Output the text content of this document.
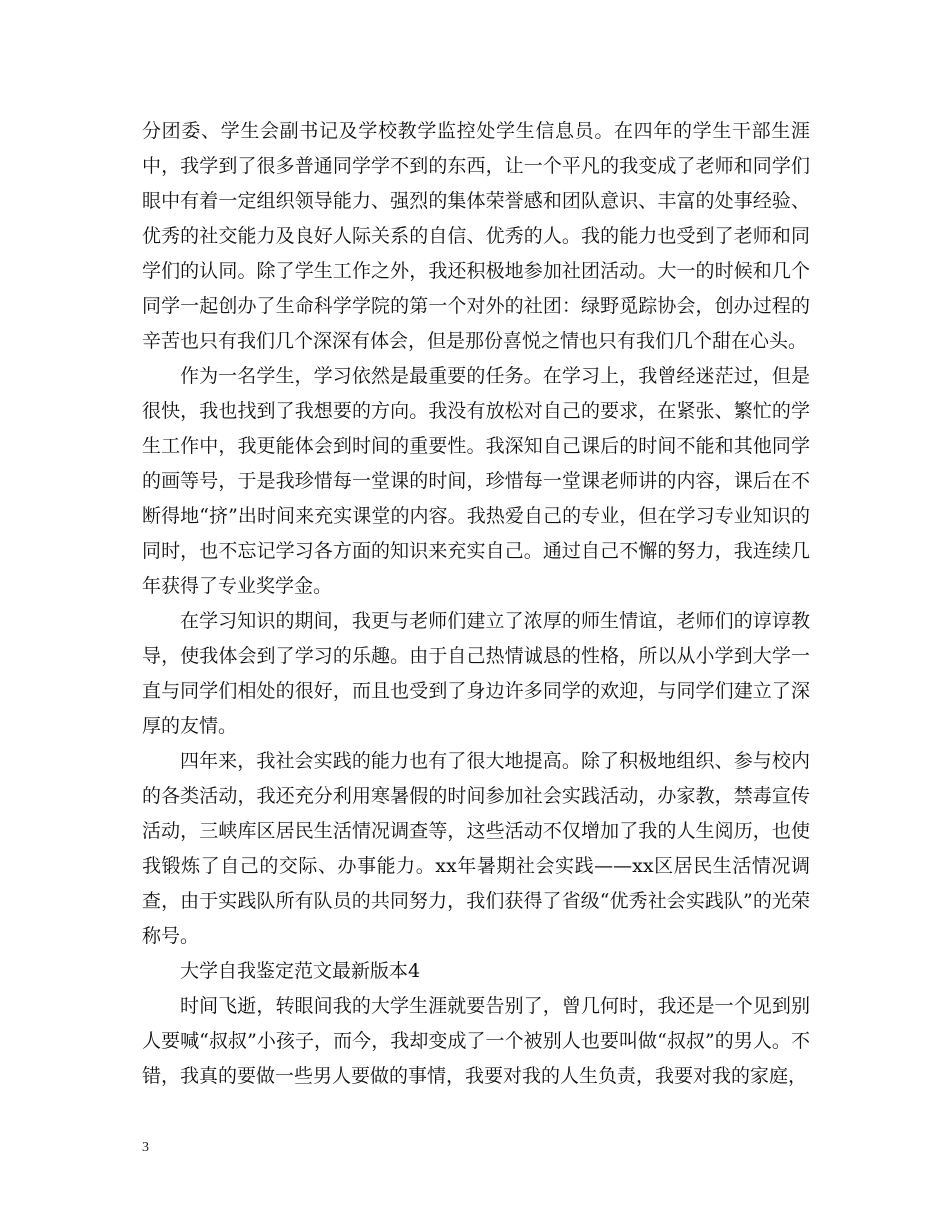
分团委、学生会副书记及学校教学监控处学生信息员。在四年的学生干部生涯中，我学到了很多普通同学学不到的东西，让一个平凡的我变成了老师和同学们眼中有着一定组织领导能力、强烈的集体荣誉感和团队意识、丰富的处事经验、优秀的社交能力及良好人际关系的自信、优秀的人。我的能力也受到了老师和同学们的认同。除了学生工作之外，我还积极地参加社团活动。大一的时候和几个同学一起创办了生命科学学院的第一个对外的社团：绿野觅踪协会，创办过程的辛苦也只有我们几个深深有体会，但是那份喜悦之情也只有我们几个甜在心头。

作为一名学生，学习依然是最重要的任务。在学习上，我曾经迷茫过，但是很快，我也找到了我想要的方向。我没有放松对自己的要求，在紧张、繁忙的学生工作中，我更能体会到时间的重要性。我深知自己课后的时间不能和其他同学的画等号，于是我珍惜每一堂课的时间，珍惜每一堂课老师讲的内容，课后在不断得地“挤”出时间来充实课堂的内容。我热爱自己的专业，但在学习专业知识的同时，也不忘记学习各方面的知识来充实自己。通过自己不懈的努力，我连续几年获得了专业奖学金。

在学习知识的期间，我更与老师们建立了浓厚的师生情谊，老师们的谆谆教导，使我体会到了学习的乐趣。由于自己热情诚恳的性格，所以从小学到大学一直与同学们相处的很好，而且也受到了身边许多同学的欢迎，与同学们建立了深厚的友情。

四年来，我社会实践的能力也有了很大地提高。除了积极地组织、参与校内的各类活动，我还充分利用寒暑假的时间参加社会实践活动，办家教，禁毒宣传活动，三峡库区居民生活情况调查等，这些活动不仅增加了我的人生阅历，也使我锻炼了自己的交际、办事能力。xx年暑期社会实践——xx区居民生活情况调查，由于实践队所有队员的共同努力，我们获得了省级“优秀社会实践队”的光荣称号。

大学自我鉴定范文最新版本4

时间飞逝，转眼间我的大学生涯就要告别了，曾几何时，我还是一个见到别人要喊“叔叔”小孩子，而今，我却变成了一个被别人也要叫做“叔叔”的男人。不错，我真的要做一些男人要做的事情，我要对我的人生负责，我要对我的家庭，

3
